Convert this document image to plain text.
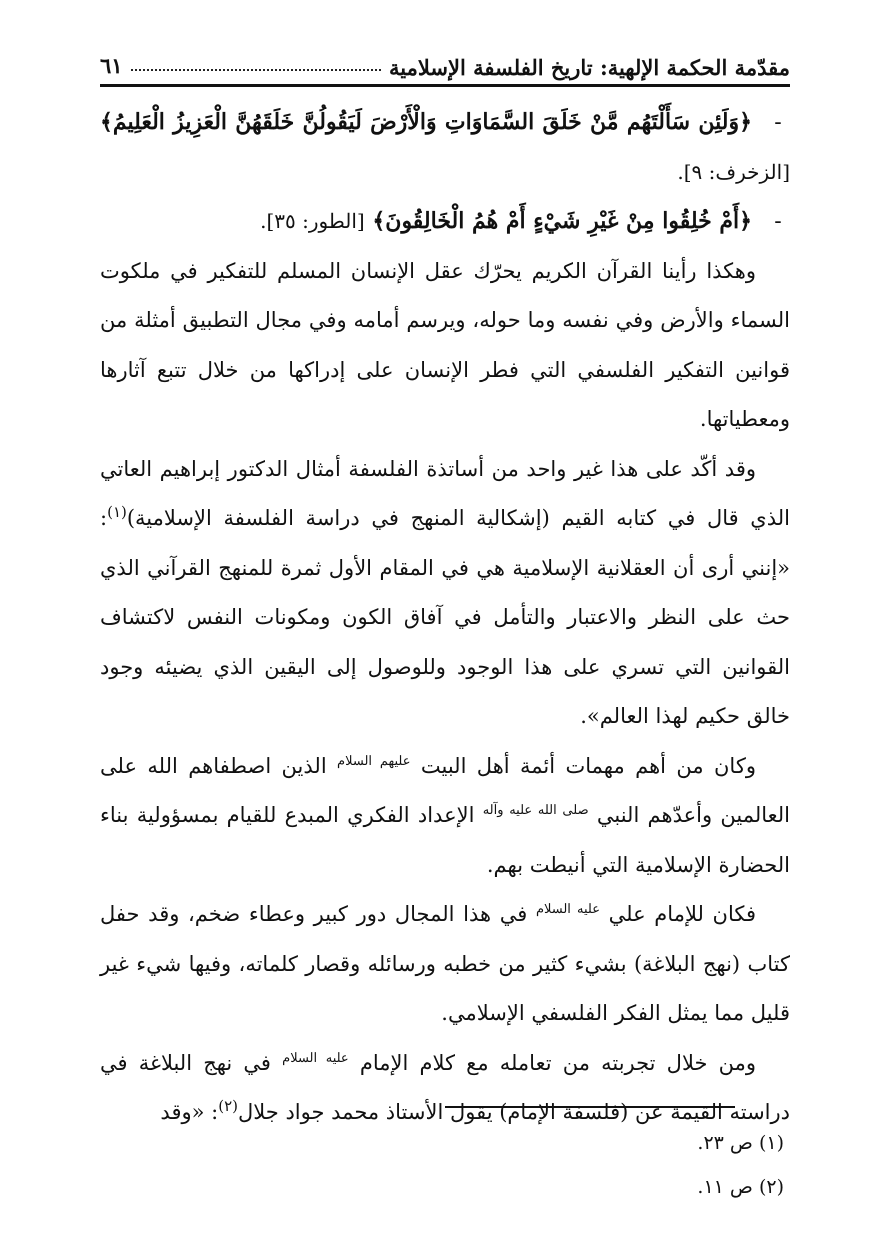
مقدّمة الحكمة الإلهية: تاريخ الفلسفة الإسلامية
٦١

-﴿وَلَئِن سَأَلْتَهُم مَّنْ خَلَقَ السَّمَاوَاتِ وَالْأَرْضَ لَيَقُولُنَّ خَلَقَهُنَّ الْعَزِيزُ الْعَلِيمُ﴾ [الزخرف: ٩].

-﴿أَمْ خُلِقُوا مِنْ غَيْرِ شَيْءٍ أَمْ هُمُ الْخَالِقُونَ﴾ [الطور: ٣٥].

وهكذا رأينا القرآن الكريم يحرّك عقل الإنسان المسلم للتفكير في ملكوت السماء والأرض وفي نفسه وما حوله، ويرسم أمامه وفي مجال التطبيق أمثلة من قوانين التفكير الفلسفي التي فطر الإنسان على إدراكها من خلال تتبع آثارها ومعطياتها.

وقد أكّد على هذا غير واحد من أساتذة الفلسفة أمثال الدكتور إبراهيم العاتي الذي قال في كتابه القيم (إشكالية المنهج في دراسة الفلسفة الإسلامية)$^{(١)}$: «إنني أرى أن العقلانية الإسلامية هي في المقام الأول ثمرة للمنهج القرآني الذي حث على النظر والاعتبار والتأمل في آفاق الكون ومكونات النفس لاكتشاف القوانين التي تسري على هذا الوجود وللوصول إلى اليقين الذي يضيئه وجود خالق حكيم لهذا العالم».

وكان من أهم مهمات أئمة أهل البيت $^{عليهم السلام}$ الذين اصطفاهم الله على العالمين وأعدّهم النبي $^{صلى الله عليه وآله}$ الإعداد الفكري المبدع للقيام بمسؤولية بناء الحضارة الإسلامية التي أنيطت بهم.

فكان للإمام علي $^{عليه السلام}$ في هذا المجال دور كبير وعطاء ضخم، وقد حفل كتاب (نهج البلاغة) بشيء كثير من خطبه ورسائله وقصار كلماته، وفيها شيء غير قليل مما يمثل الفكر الفلسفي الإسلامي.

ومن خلال تجربته من تعامله مع كلام الإمام $^{عليه السلام}$ في نهج البلاغة في دراسته القيمة عن (فلسفة الإمام) يقول الأستاذ محمد جواد جلال$^{(٢)}$: «وقد

(١) ص ٢٣.
(٢) ص ١١.
